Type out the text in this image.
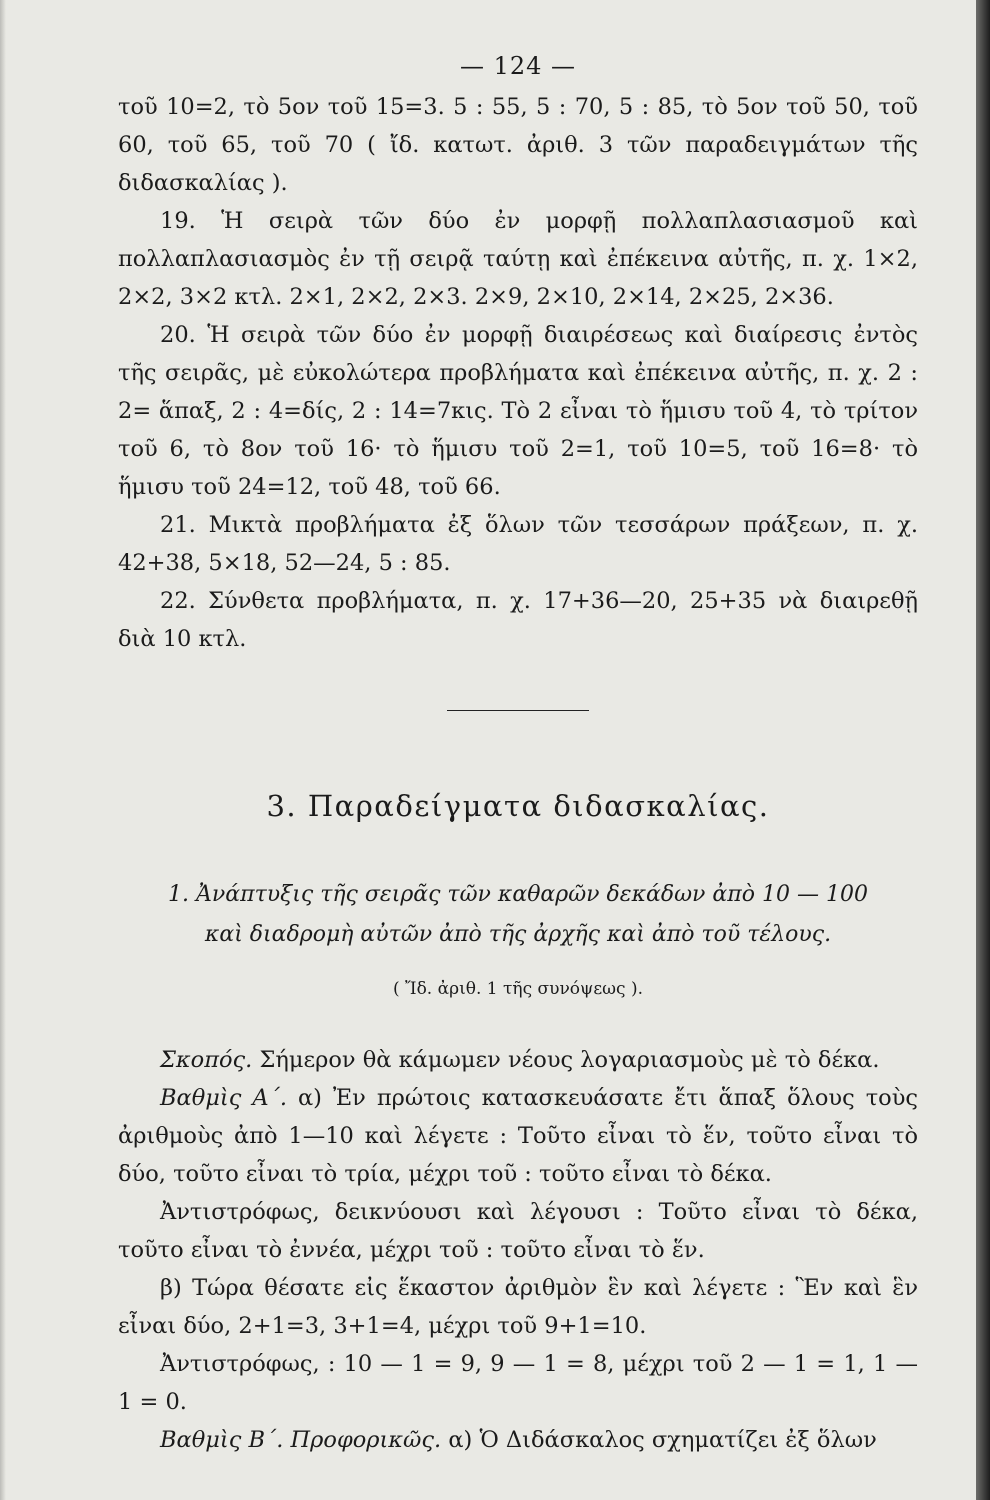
— 124 —

τοῦ 10=2, τὸ 5ον τοῦ 15=3. 5 : 55, 5 : 70, 5 : 85, τὸ 5ον τοῦ 50, τοῦ 60, τοῦ 65, τοῦ 70 ( ἴδ. κατωτ. ἀριθ. 3 τῶν παραδειγμάτων τῆς διδασκαλίας ).

19. Ἡ σειρὰ τῶν δύο ἐν μορφῇ πολλαπλασιασμοῦ καὶ πολλαπλασιασμὸς ἐν τῇ σειρᾷ ταύτῃ καὶ ἐπέκεινα αὐτῆς, π. χ. 1×2, 2×2, 3×2 κτλ. 2×1, 2×2, 2×3. 2×9, 2×10, 2×14, 2×25, 2×36.

20. Ἡ σειρὰ τῶν δύο ἐν μορφῇ διαιρέσεως καὶ διαίρεσις ἐντὸς τῆς σειρᾶς, μὲ εὐκολώτερα προβλήματα καὶ ἐπέκεινα αὐτῆς, π. χ. 2 : 2= ἅπαξ, 2 : 4=δίς, 2 : 14=7κις. Τὸ 2 εἶναι τὸ ἥμισυ τοῦ 4, τὸ τρίτον τοῦ 6, τὸ 8ον τοῦ 16· τὸ ἥμισυ τοῦ 2=1, τοῦ 10=5, τοῦ 16=8· τὸ ἥμισυ τοῦ 24=12, τοῦ 48, τοῦ 66.

21. Μικτὰ προβλήματα ἐξ ὅλων τῶν τεσσάρων πράξεων, π. χ. 42+38, 5×18, 52—24, 5 : 85.

22. Σύνθετα προβλήματα, π. χ. 17+36—20, 25+35 νὰ διαιρεθῇ διὰ 10 κτλ.

3. Παραδείγματα διδασκαλίας.
1. Ἀνάπτυξις τῆς σειρᾶς τῶν καθαρῶν δεκάδων ἀπὸ 10 — 100
καὶ διαδρομὴ αὐτῶν ἀπὸ τῆς ἀρχῆς καὶ ἀπὸ τοῦ τέλους.
( Ἴδ. ἀριθ. 1 τῆς συνόψεως ).

Σκοπός. Σήμερον θὰ κάμωμεν νέους λογαριασμοὺς μὲ τὸ δέκα.

Βαθμὶς Α΄. α) Ἐν πρώτοις κατασκευάσατε ἔτι ἅπαξ ὅλους τοὺς ἀριθμοὺς ἀπὸ 1—10 καὶ λέγετε : Τοῦτο εἶναι τὸ ἕν, τοῦτο εἶναι τὸ δύο, τοῦτο εἶναι τὸ τρία, μέχρι τοῦ : τοῦτο εἶναι τὸ δέκα.

Ἀντιστρόφως, δεικνύουσι καὶ λέγουσι : Τοῦτο εἶναι τὸ δέκα, τοῦτο εἶναι τὸ ἐννέα, μέχρι τοῦ : τοῦτο εἶναι τὸ ἕν.

β) Τώρα θέσατε εἰς ἕκαστον ἀριθμὸν ἓν καὶ λέγετε : Ἓν καὶ ἓν εἶναι δύο, 2+1=3, 3+1=4, μέχρι τοῦ 9+1=10.

Ἀντιστρόφως, : 10 — 1 = 9, 9 — 1 = 8, μέχρι τοῦ 2 — 1 = 1, 1 — 1 = 0.

Βαθμὶς Β΄. Προφορικῶς. α) Ὁ Διδάσκαλος σχηματίζει ἐξ ὅλων
